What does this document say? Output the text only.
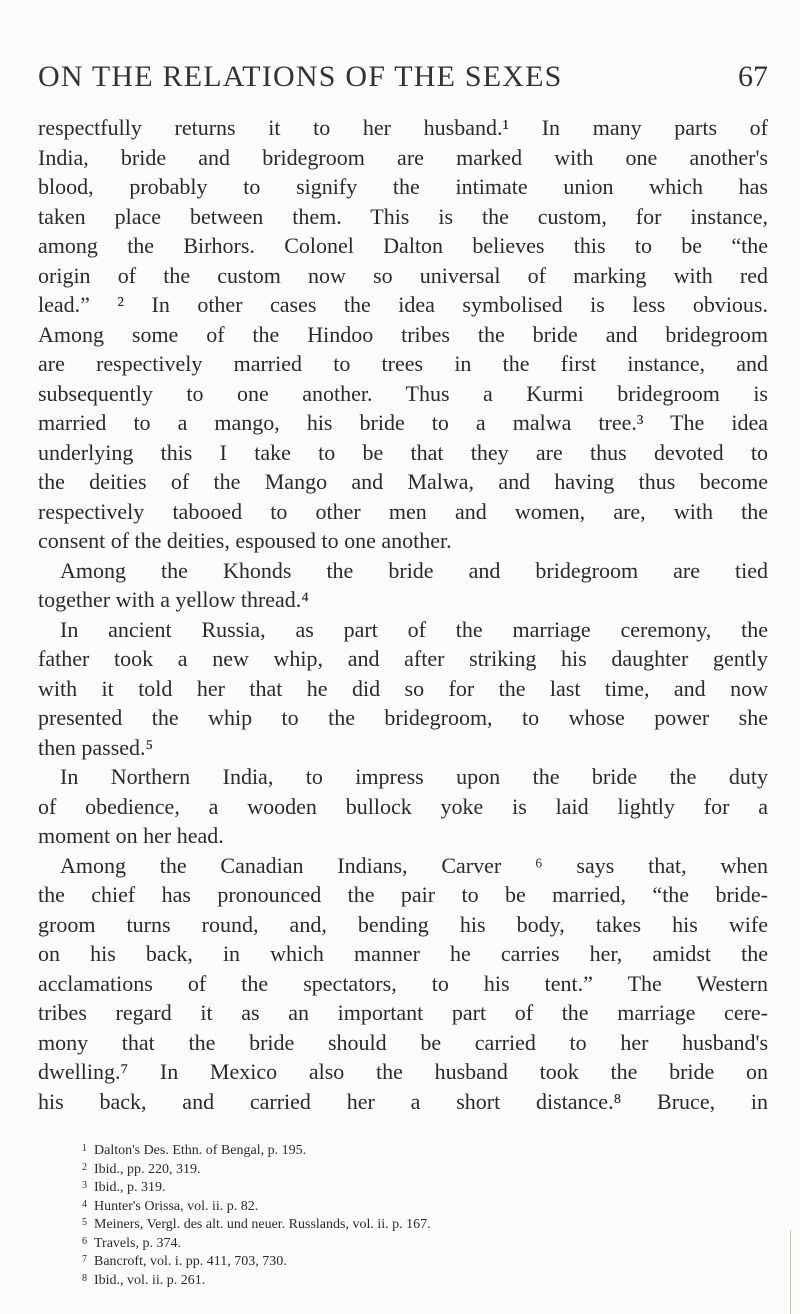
ON THE RELATIONS OF THE SEXES	67
respectfully returns it to her husband.¹ In many parts of
India, bride and bridegroom are marked with one another's
blood, probably to signify the intimate union which has
taken place between them. This is the custom, for instance,
among the Birhors. Colonel Dalton believes this to be “the
origin of the custom now so universal of marking with red
lead.” ² In other cases the idea symbolised is less obvious.
Among some of the Hindoo tribes the bride and bridegroom
are respectively married to trees in the first instance, and
subsequently to one another. Thus a Kurmi bridegroom is
married to a mango, his bride to a malwa tree.³ The idea
underlying this I take to be that they are thus devoted to
the deities of the Mango and Malwa, and having thus become
respectively tabooed to other men and women, are, with the
consent of the deities, espoused to one another.
Among the Khonds the bride and bridegroom are tied
together with a yellow thread.⁴
In ancient Russia, as part of the marriage ceremony, the
father took a new whip, and after striking his daughter gently
with it told her that he did so for the last time, and now
presented the whip to the bridegroom, to whose power she
then passed.⁵
In Northern India, to impress upon the bride the duty
of obedience, a wooden bullock yoke is laid lightly for a
moment on her head.
Among the Canadian Indians, Carver ⁶ says that, when
the chief has pronounced the pair to be married, “the bride-
groom turns round, and, bending his body, takes his wife
on his back, in which manner he carries her, amidst the
acclamations of the spectators, to his tent.” The Western
tribes regard it as an important part of the marriage cere-
mony that the bride should be carried to her husband's
dwelling.⁷ In Mexico also the husband took the bride on
his back, and carried her a short distance.⁸ Bruce, in
1 Dalton's Des. Ethn. of Bengal, p. 195.
2 Ibid., pp. 220, 319.
3 Ibid., p. 319.
4 Hunter's Orissa, vol. ii. p. 82.
5 Meiners, Vergl. des alt. und neuer. Russlands, vol. ii. p. 167.
6 Travels, p. 374.
7 Bancroft, vol. i. pp. 411, 703, 730.
8 Ibid., vol. ii. p. 261.
